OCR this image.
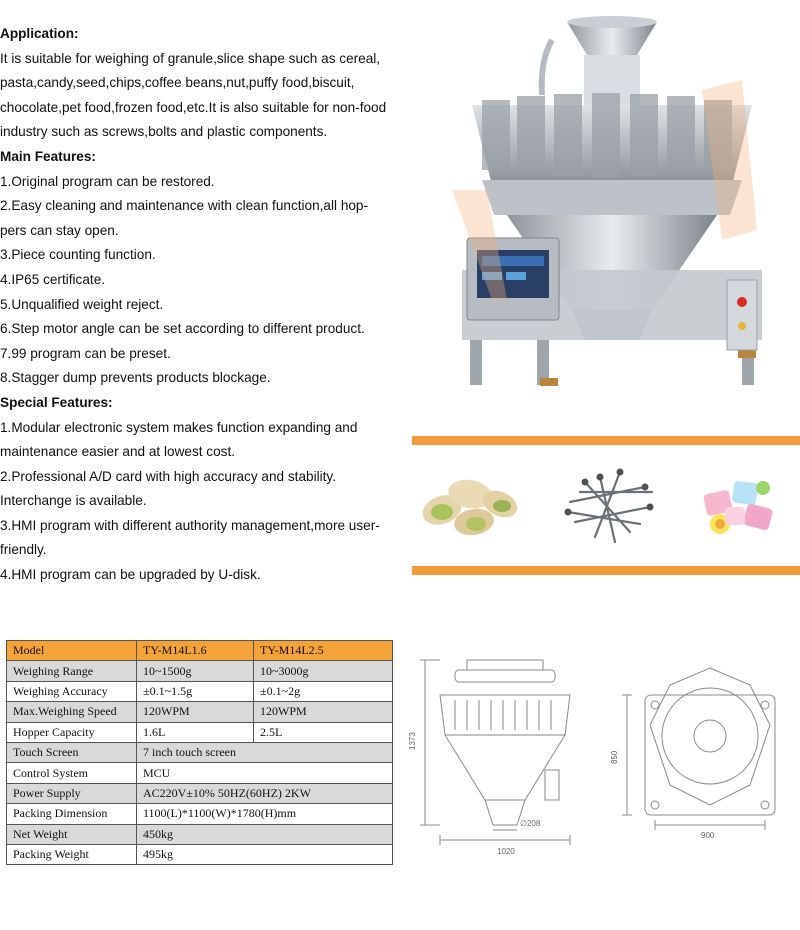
Application:
It is suitable for weighing of granule,slice shape such as cereal,
pasta,candy,seed,chips,coffee beans,nut,puffy food,biscuit,
chocolate,pet food,frozen food,etc.It is also suitable for non-food
industry such as screws,bolts and plastic components.
Main Features:
1.Original program can be restored.
2.Easy cleaning and maintenance with clean function,all hop-
pers can stay open.
3.Piece counting function.
4.IP65 certificate.
5.Unqualified weight reject.
6.Step motor angle can be set according to different product.
7.99 program can be preset.
8.Stagger dump prevents products blockage.
Special Features:
1.Modular electronic system makes function expanding and
maintenance easier and at lowest cost.
2.Professional A/D card with high accuracy and stability.
Interchange is available.
3.HMI program with different authority management,more user-
friendly.
4.HMI program can be upgraded by U-disk.
Model	TY-M14L1.6	TY-M14L2.5
Weighing Range	10~1500g	10~3000g
Weighing Accuracy	±0.1~1.5g	±0.1~2g
Max.Weighing Speed	120WPM	120WPM
Hopper Capacity	1.6L	2.5L
Touch Screen	7 inch touch screen	
Control System	MCU	
Power Supply	AC220V±10% 50HZ(60HZ) 2KW	
Packing Dimension	1100(L)*1100(W)*1780(H)mm	
Net Weight	450kg	
Packing Weight	495kg	
1373
∅208
1020
850
900
